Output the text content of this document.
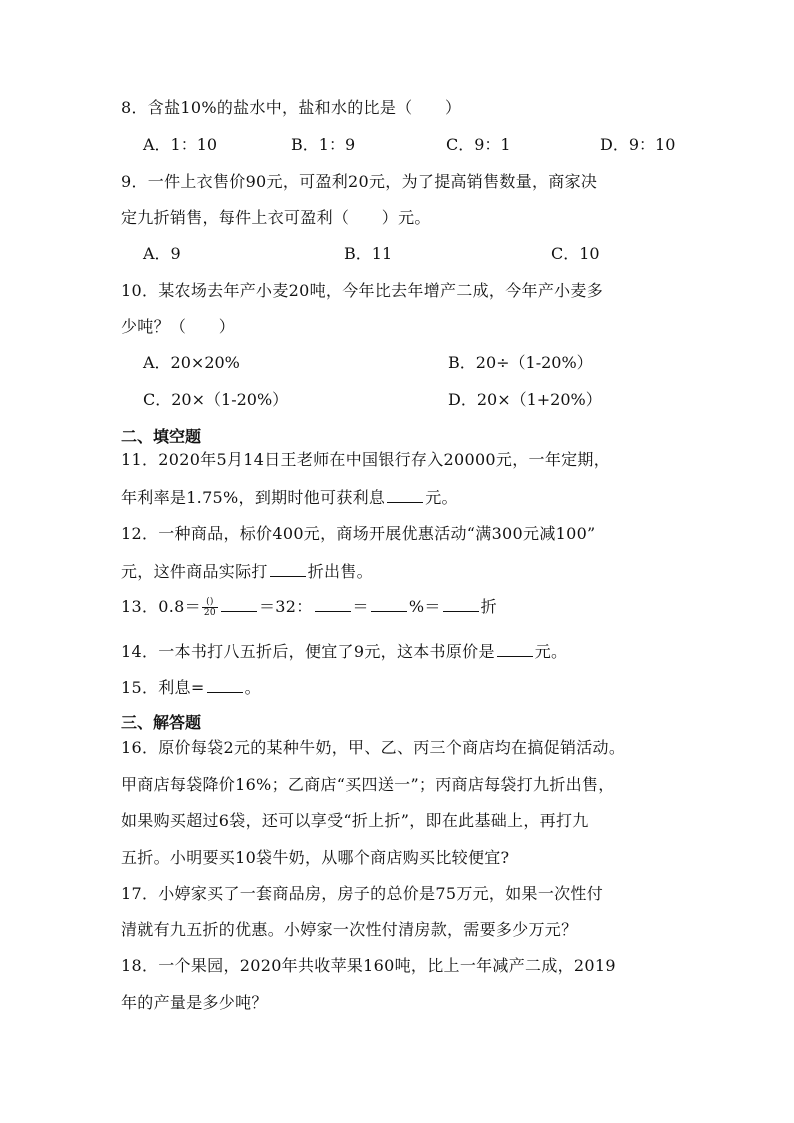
8．含盐10%的盐水中，盐和水的比是（　　）
A．1：10	B．1：9	C．9：1	D．9：10
9．一件上衣售价90元，可盈利20元，为了提高销售数量，商家决
定九折销售，每件上衣可盈利（　　）元。
A．9	B．11	C．10
10．某农场去年产小麦20吨，今年比去年增产二成，今年产小麦多
少吨？（　　）
A．20×20%	B．20÷（1-20%）
C．20×（1-20%）	D．20×（1+20%）
二、填空题
11．2020年5月14日王老师在中国银行存入20000元，一年定期，
年利率是1.75%，到期时他可获利息	元。
12．一种商品，标价400元，商场开展优惠活动“满300元减100”
元，这件商品实际打	折出售。
13．$0.8= \frac{()}{20}$	＝32：	＝	%＝	折
14．一本书打八五折后，便宜了9元，这本书原价是	元。
15．利息=	。
三、解答题
16．原价每袋2元的某种牛奶，甲、乙、丙三个商店均在搞促销活动。
甲商店每袋降价16%；乙商店“买四送一”；丙商店每袋打九折出售，
如果购买超过6袋，还可以享受“折上折”，即在此基础上，再打九
五折。小明要买10袋牛奶，从哪个商店购买比较便宜?
17．小婷家买了一套商品房，房子的总价是75万元，如果一次性付
清就有九五折的优惠。小婷家一次性付清房款，需要多少万元？
18．一个果园，2020年共收苹果160吨，比上一年减产二成，2019
年的产量是多少吨？
